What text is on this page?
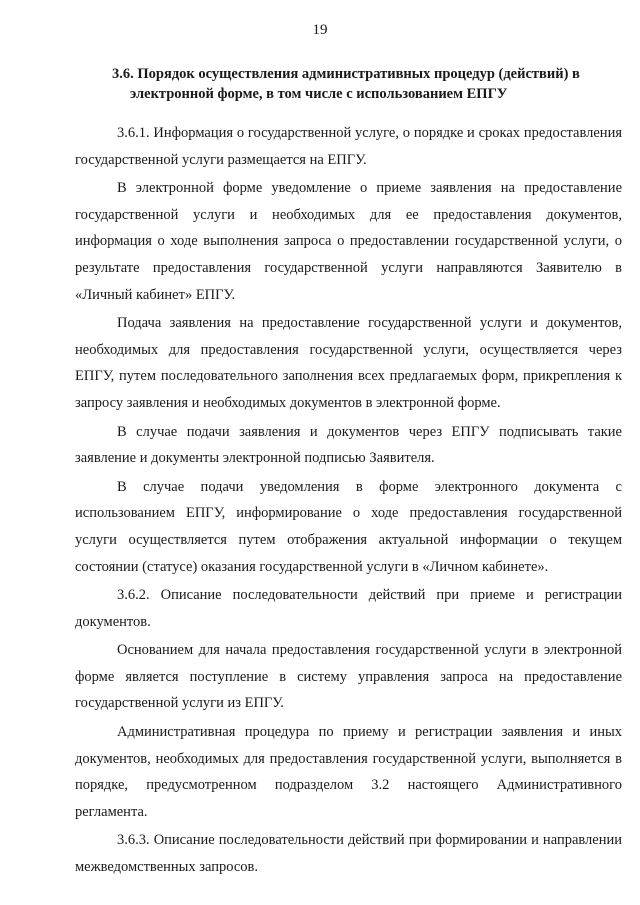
19
3.6. Порядок осуществления административных процедур (действий) в
электронной форме, в том числе с использованием ЕПГУ

3.6.1. Информация о государственной услуге, о порядке и сроках предоставления государственной услуги размещается на ЕПГУ.

В электронной форме уведомление о приеме заявления на предоставление государственной услуги и необходимых для ее предоставления документов, информация о ходе выполнения запроса о предоставлении государственной услуги, о результате предоставления государственной услуги направляются Заявителю в «Личный кабинет» ЕПГУ.

Подача заявления на предоставление государственной услуги и документов, необходимых для предоставления государственной услуги, осуществляется через ЕПГУ, путем последовательного заполнения всех предлагаемых форм, прикрепления к запросу заявления и необходимых документов в электронной форме.

В случае подачи заявления и документов через ЕПГУ подписывать такие заявление и документы электронной подписью Заявителя.

В случае подачи уведомления в форме электронного документа с использованием ЕПГУ, информирование о ходе предоставления государственной услуги осуществляется путем отображения актуальной информации о текущем состоянии (статусе) оказания государственной услуги в «Личном кабинете».

3.6.2. Описание последовательности действий при приеме и регистрации документов.

Основанием для начала предоставления государственной услуги в электронной форме является поступление в систему управления запроса на предоставление государственной услуги из ЕПГУ.

Административная процедура по приему и регистрации заявления и иных документов, необходимых для предоставления государственной услуги, выполняется в порядке, предусмотренном подразделом 3.2 настоящего Административного регламента.

3.6.3. Описание последовательности действий при формировании и направлении межведомственных запросов.
